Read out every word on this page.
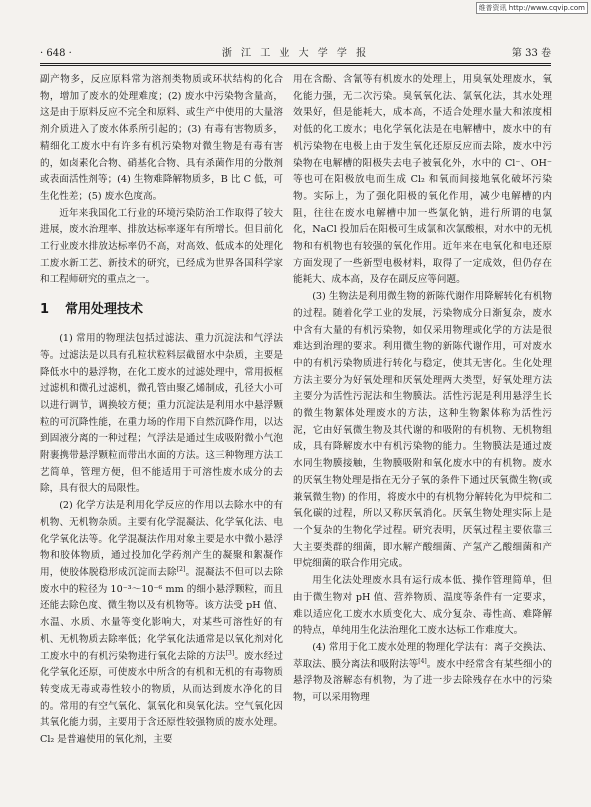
维普资讯 http://www.cqvip.com
· 648 ·	浙 江 工 业 大 学 学 报	第 33 卷

副产物多，反应原料常为溶剂类物质或环状结构的化合物，增加了废水的处理难度；(2) 废水中污染物含量高，这是由于原料反应不完全和原料、或生产中使用的大量溶剂介质进入了废水体系所引起的；(3) 有毒有害物质多，精细化工废水中有许多有机污染物对微生物是有毒有害的，如卤素化合物、硝基化合物、具有杀菌作用的分散剂或表面活性剂等；(4) 生物难降解物质多，B 比 C 低，可生化性差；(5) 废水色度高。

近年来我国化工行业的环境污染防治工作取得了较大进展，废水治理率、排放达标率逐年有所增长。但目前化工行业废水排放达标率仍不高，对高效、低成本的处理化工废水新工艺、新技术的研究，已经成为世界各国科学家和工程师研究的重点之一。

1 常用处理技术

(1) 常用的物理法包括过滤法、重力沉淀法和气浮法等。过滤法是以具有孔粒状粒料层截留水中杂质，主要是降低水中的悬浮物，在化工废水的过滤处理中，常用扳框过滤机和微孔过滤机，微孔管由聚乙烯制成，孔径大小可以进行调节，调换较方便；重力沉淀法是利用水中悬浮颗粒的可沉降性能，在重力场的作用下自然沉降作用，以达到固液分离的一种过程；气浮法是通过生成吸附微小气泡附裹携带悬浮颗粒而带出水面的方法。这三种物理方法工艺简单，管理方便，但不能适用于可溶性废水成分的去除，具有很大的局限性。

(2) 化学方法是利用化学反应的作用以去除水中的有机物、无机物杂质。主要有化学混凝法、化学氧化法、电化学氧化法等。化学混凝法作用对象主要是水中微小悬浮物和胶体物质，通过投加化学药剂产生的凝聚和絮凝作用，使胶体脱稳形成沉淀而去除[2]。混凝法不但可以去除废水中的粒径为 10⁻³～10⁻⁶ mm 的细小悬浮颗粒，而且还能去除色度、微生物以及有机物等。该方法受 pH 值、水温、水质、水量等变化影响大，对某些可溶性好的有机、无机物质去除率低；化学氧化法通常是以氧化剂对化工废水中的有机污染物进行氧化去除的方法[3]。废水经过化学氧化还原，可使废水中所含的有机和无机的有毒物质转变成无毒或毒性较小的物质，从而达到废水净化的目的。常用的有空气氧化、氯氧化和臭氧化法。空气氧化因其氧化能力弱，主要用于含还原性较强物质的废水处理。Cl₂ 是普遍使用的氧化剂，主要

用在含酚、含氰等有机废水的处理上，用臭氧处理废水，氧化能力强，无二次污染。臭氧氧化法、氯氧化法，其水处理效果好，但是能耗大，成本高，不适合处理水量大和浓度相对低的化工废水；电化学氧化法是在电解槽中，废水中的有机污染物在电极上由于发生氧化还原反应而去除，废水中污染物在电解槽的阳极失去电子被氧化外，水中的 Cl⁻、OH⁻ 等也可在阳极放电而生成 Cl₂ 和氧而间接地氧化破坏污染物。实际上，为了强化阳极的氧化作用，减少电解槽的内阻，往往在废水电解槽中加一些氯化钠，进行所谓的电氯化，NaCl 投加后在阳极可生成氯和次氯酸根，对水中的无机物和有机物也有较强的氧化作用。近年来在电氧化和电还原方面发现了一些新型电极材料，取得了一定成效，但仍存在能耗大、成本高，及存在副反应等问题。

(3) 生物法是利用微生物的新陈代谢作用降解转化有机物的过程。随着化学工业的发展，污染物成分日渐复杂，废水中含有大量的有机污染物，如仅采用物理或化学的方法是很难达到治理的要求。利用微生物的新陈代谢作用，可对废水中的有机污染物质进行转化与稳定，使其无害化。生化处理方法主要分为好氧处理和厌氧处理两大类型，好氧处理方法主要分为活性污泥法和生物膜法。活性污泥是利用悬浮生长的微生物絮体处理废水的方法，这种生物絮体称为活性污泥，它由好氧微生物及其代谢的和吸附的有机物、无机物组成，具有降解废水中有机污染物的能力。生物膜法是通过废水同生物膜接触，生物膜吸附和氧化废水中的有机物。废水的厌氧生物处理是指在无分子氧的条件下通过厌氧微生物(或兼氧微生物) 的作用，将废水中的有机物分解转化为甲烷和二氧化碳的过程，所以又称厌氧消化。厌氧生物处理实际上是一个复杂的生物化学过程。研究表明，厌氧过程主要依靠三大主要类群的细菌，即水解产酸细菌、产氢产乙酸细菌和产甲烷细菌的联合作用完成。

用生化法处理废水具有运行成本低、操作管理简单，但由于微生物对 pH 值、营养物质、温度等条件有一定要求，难以适应化工废水水质变化大、成分复杂、毒性高、难降解的特点，单纯用生化法治理化工废水达标工作难度大。

(4) 常用于化工废水处理的物理化学法有：离子交换法、萃取法、膜分离法和吸附法等[4]。废水中经常含有某些细小的悬浮物及溶解态有机物，为了进一步去除残存在水中的污染物，可以采用物理
